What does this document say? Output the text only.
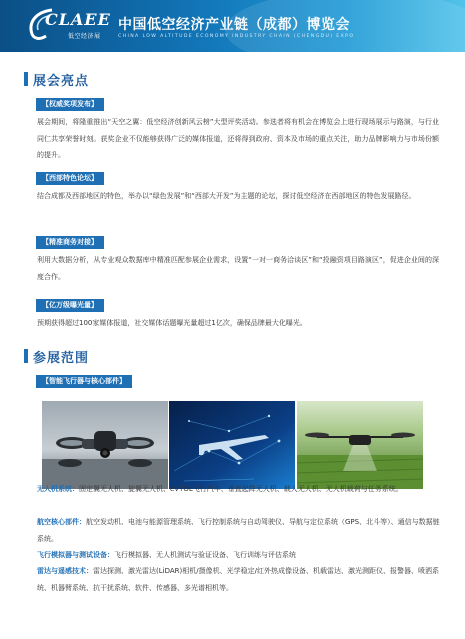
CLAEE
低空经济展
中国低空经济产业链（成都）博览会
CHINA LOW ALTITUDE ECONOMY INDUSTRY CHAIN (CHENGDU) EXPO
展会亮点
【权威奖项发布】
展会期间，将隆重推出“天空之翼：低空经济创新风云榜”大型评奖活动。参选者将有机会在博览会上进行现场展示与路演，与行业同仁共享荣誉时刻。获奖企业不仅能够获得广泛的媒体报道，还将得到政府、资本及市场的重点关注，助力品牌影响力与市场份额的提升。
【西部特色论坛】
结合成都及西部地区的特色，举办以“绿色发展”和“西部大开发”为主题的论坛，探讨低空经济在西部地区的特色发展路径。
【精准商务对接】
利用大数据分析，从专业观众数据库中精准匹配参展企业需求，设置“一对一商务洽谈区”和“投融资项目路演区”，促进企业间的深度合作。
【亿万级曝光量】
预期获得超过100家媒体报道，社交媒体话题曝光量超过1亿次，确保品牌最大化曝光。
参展范围
【智能飞行器与核心部件】
无人机系统：固定翼无人机、旋翼无人机、eVTOL飞行汽车、垂直起降无人机、载人无人机、无人机载荷与任务系统。
航空核心部件：航空发动机、电池与能源管理系统、飞行控制系统与自动驾驶仪、导航与定位系统（GPS、北斗等）、通信与数据链系统。
飞行模拟器与测试设备：飞行模拟器、无人机测试与验证设备、飞行训练与评估系统
雷达与遥感技术：雷达探测、激光雷达(LiDAR)相机/摄像机、光学稳定/红外热成像设备、机载雷达、激光测距仪、报警器、喷洒系统、机器臂系统、抗干扰系统、软件、传感器、多光谱相机等。
